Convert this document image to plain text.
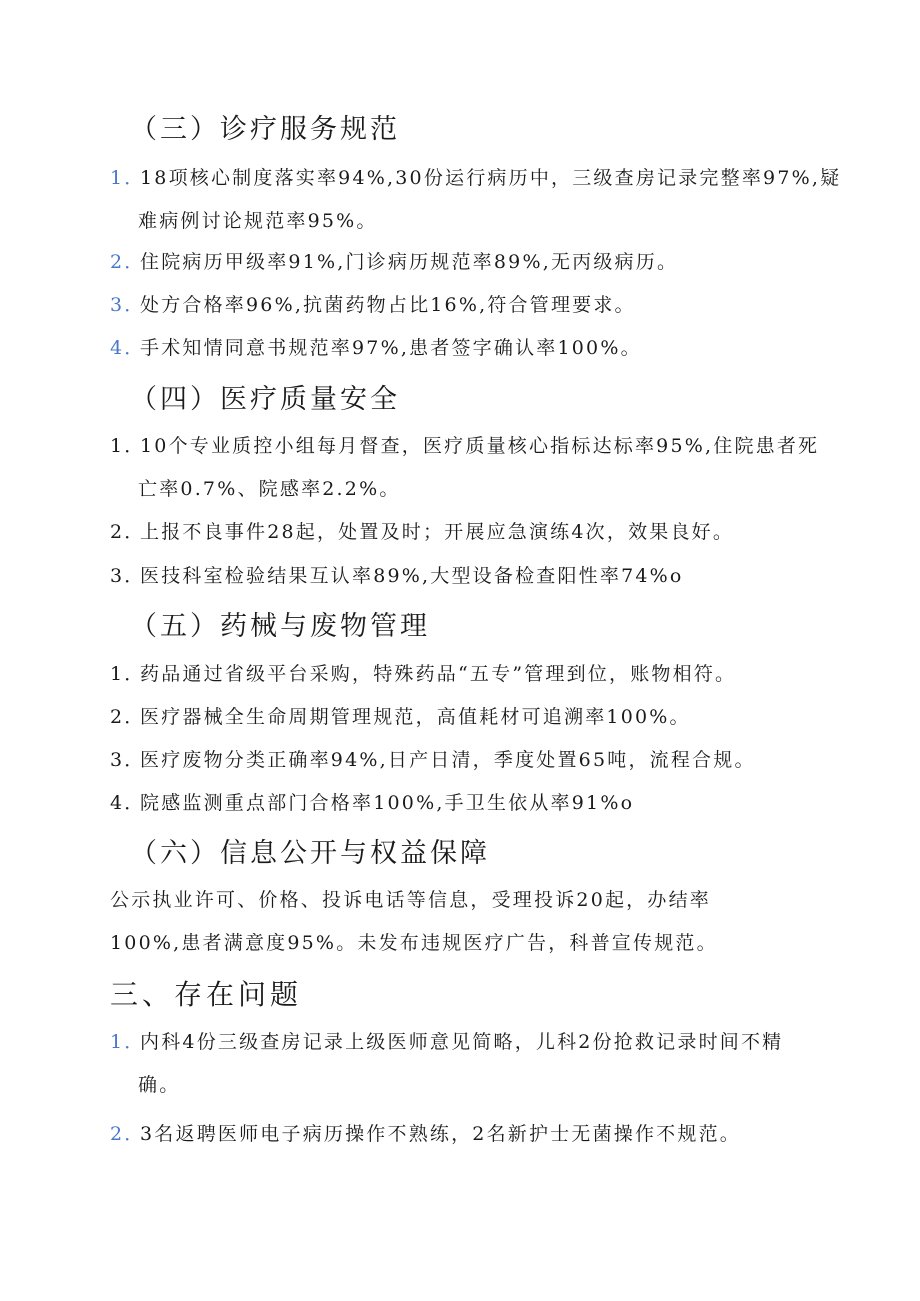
（三）诊疗服务规范
1．18项核心制度落实率94%,30份运行病历中，三级查房记录完整率97%,疑
难病例讨论规范率95%。
2．住院病历甲级率91%,门诊病历规范率89%,无丙级病历。
3．处方合格率96%,抗菌药物占比16%,符合管理要求。
4．手术知情同意书规范率97%,患者签字确认率100%。
（四）医疗质量安全
1．10个专业质控小组每月督查，医疗质量核心指标达标率95%,住院患者死
亡率0.7%、院感率2.2%。
2．上报不良事件28起，处置及时；开展应急演练4次，效果良好。
3．医技科室检验结果互认率89%,大型设备检查阳性率74%o
（五）药械与废物管理
1．药品通过省级平台采购，特殊药品“五专”管理到位，账物相符。
2．医疗器械全生命周期管理规范，高值耗材可追溯率100%。
3．医疗废物分类正确率94%,日产日清，季度处置65吨，流程合规。
4．院感监测重点部门合格率100%,手卫生依从率91%o
（六）信息公开与权益保障
公示执业许可、价格、投诉电话等信息，受理投诉20起，办结率
100%,患者满意度95%。未发布违规医疗广告，科普宣传规范。
三、存在问题
1．内科4份三级查房记录上级医师意见简略，儿科2份抢救记录时间不精
确。
2．3名返聘医师电子病历操作不熟练，2名新护士无菌操作不规范。
